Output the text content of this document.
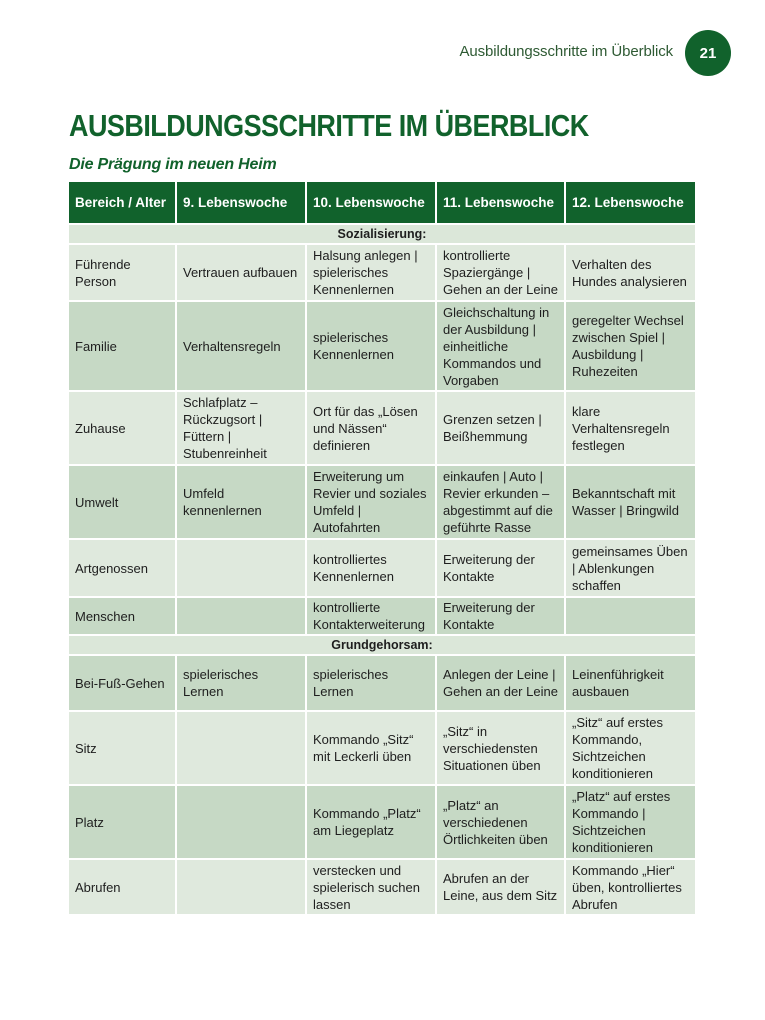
Ausbildungsschritte im Überblick	21
AUSBILDUNGSSCHRITTE IM ÜBERBLICK
Die Prägung im neuen Heim
Bereich / Alter	9. Lebenswoche	10. Lebenswoche	11. Lebenswoche	12. Lebenswoche
Sozialisierung:				
Führende Person	Vertrauen aufbauen	Halsung anlegen | spielerisches Kennenlernen	kontrollierte Spaziergänge | Gehen an der Leine	Verhalten des Hundes analysieren
Familie	Verhaltensregeln	spielerisches Kennenlernen	Gleichschaltung in der Ausbildung | einheitliche Kommandos und Vorgaben	geregelter Wechsel zwischen Spiel | Ausbildung | Ruhezeiten
Zuhause	Schlafplatz – Rückzugsort | Füttern | Stubenreinheit	Ort für das „Lösen und Nässen“ definieren	Grenzen setzen | Beißhemmung	klare Verhaltensregeln festlegen
Umwelt	Umfeld kennenlernen	Erweiterung um Revier und soziales Umfeld | Autofahrten	einkaufen | Auto | Revier erkunden – abgestimmt auf die geführte Rasse	Bekanntschaft mit Wasser | Bringwild
Artgenossen		kontrolliertes Kennenlernen	Erweiterung der Kontakte	gemeinsames Üben | Ablenkungen schaffen
Menschen		kontrollierte Kontakterweiterung	Erweiterung der Kontakte	
Grundgehorsam:				
Bei-Fuß-Gehen	spielerisches Lernen	spielerisches Lernen	Anlegen der Leine | Gehen an der Leine	Leinenführigkeit ausbauen
Sitz		Kommando „Sitz“ mit Leckerli üben	„Sitz“ in verschiedensten Situationen üben	„Sitz“ auf erstes Kommando, Sichtzeichen konditionieren
Platz		Kommando „Platz“ am Liegeplatz	„Platz“ an verschiedenen Örtlichkeiten üben	„Platz“ auf erstes Kommando | Sichtzeichen konditionieren
Abrufen		verstecken und spielerisch suchen lassen	Abrufen an der Leine, aus dem Sitz	Kommando „Hier“ üben, kontrolliertes Abrufen
